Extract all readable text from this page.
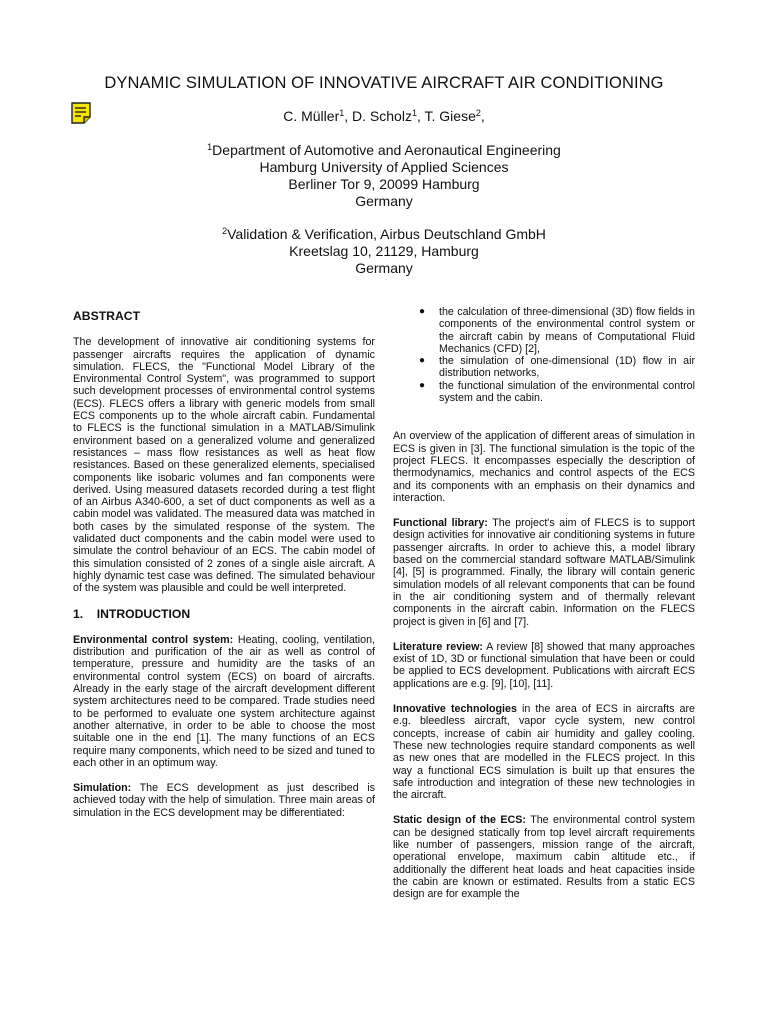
DYNAMIC SIMULATION OF INNOVATIVE AIRCRAFT AIR CONDITIONING
C. Müller$^1$, D. Scholz$^1$, T. Giese$^2$,
$^1$Department of Automotive and Aeronautical Engineering
Hamburg University of Applied Sciences
Berliner Tor 9, 20099 Hamburg
Germany
$^2$Validation & Verification, Airbus Deutschland GmbH
Kreetslag 10, 21129, Hamburg
Germany
ABSTRACT

The development of innovative air conditioning systems for passenger aircrafts requires the application of dynamic simulation. FLECS, the "Functional Model Library of the Environmental Control System", was programmed to support such development processes of environmental control systems (ECS). FLECS offers a library with generic models from small ECS components up to the whole aircraft cabin. Fundamental to FLECS is the functional simulation in a MATLAB/Simulink environment based on a generalized volume and generalized resistances – mass flow resistances as well as heat flow resistances. Based on these generalized elements, specialised components like isobaric volumes and fan components were derived. Using measured datasets recorded during a test flight of an Airbus A340-600, a set of duct components as well as a cabin model was validated. The measured data was matched in both cases by the simulated response of the system. The validated duct components and the cabin model were used to simulate the control behaviour of an ECS. The cabin model of this simulation consisted of 2 zones of a single aisle aircraft. A highly dynamic test case was defined. The simulated behaviour of the system was plausible and could be well interpreted.

1.    INTRODUCTION

Environmental control system: Heating, cooling, ventilation, distribution and purification of the air as well as control of temperature, pressure and humidity are the tasks of an environmental control system (ECS) on board of aircrafts. Already in the early stage of the aircraft development different system architectures need to be compared. Trade studies need to be performed to evaluate one system architecture against another alternative, in order to be able to choose the most suitable one in the end [1]. The many functions of an ECS require many components, which need to be sized and tuned to each other in an optimum way.

Simulation: The ECS development as just described is achieved today with the help of simulation. Three main areas of simulation in the ECS development may be differentiated:

● the calculation of three-dimensional (3D) flow fields in components of the environmental control system or the aircraft cabin by means of Computational Fluid Mechanics (CFD) [2],
● the simulation of one-dimensional (1D) flow in air distribution networks,
● the functional simulation of the environmental control system and the cabin.

An overview of the application of different areas of simulation in ECS is given in [3]. The functional simulation is the topic of the project FLECS. It encompasses especially the description of thermodynamics, mechanics and control aspects of the ECS and its components with an emphasis on their dynamics and interaction.

Functional library: The project's aim of FLECS is to support design activities for innovative air conditioning systems in future passenger aircrafts. In order to achieve this, a model library based on the commercial standard software MATLAB/Simulink [4], [5] is programmed. Finally, the library will contain generic simulation models of all relevant components that can be found in the air conditioning system and of thermally relevant components in the aircraft cabin. Information on the FLECS project is given in [6] and [7].

Literature review: A review [8] showed that many approaches exist of 1D, 3D or functional simulation that have been or could be applied to ECS development. Publications with aircraft ECS applications are e.g. [9], [10], [11].

Innovative technologies in the area of ECS in aircrafts are e.g. bleedless aircraft, vapor cycle system, new control concepts, increase of cabin air humidity and galley cooling. These new technologies require standard components as well as new ones that are modelled in the FLECS project. In this way a functional ECS simulation is built up that ensures the safe introduction and integration of these new technologies in the aircraft.

Static design of the ECS: The environmental control system can be designed statically from top level aircraft requirements like number of passengers, mission range of the aircraft, operational envelope, maximum cabin altitude etc., if additionally the different heat loads and heat capacities inside the cabin are known or estimated. Results from a static ECS design are for example the
